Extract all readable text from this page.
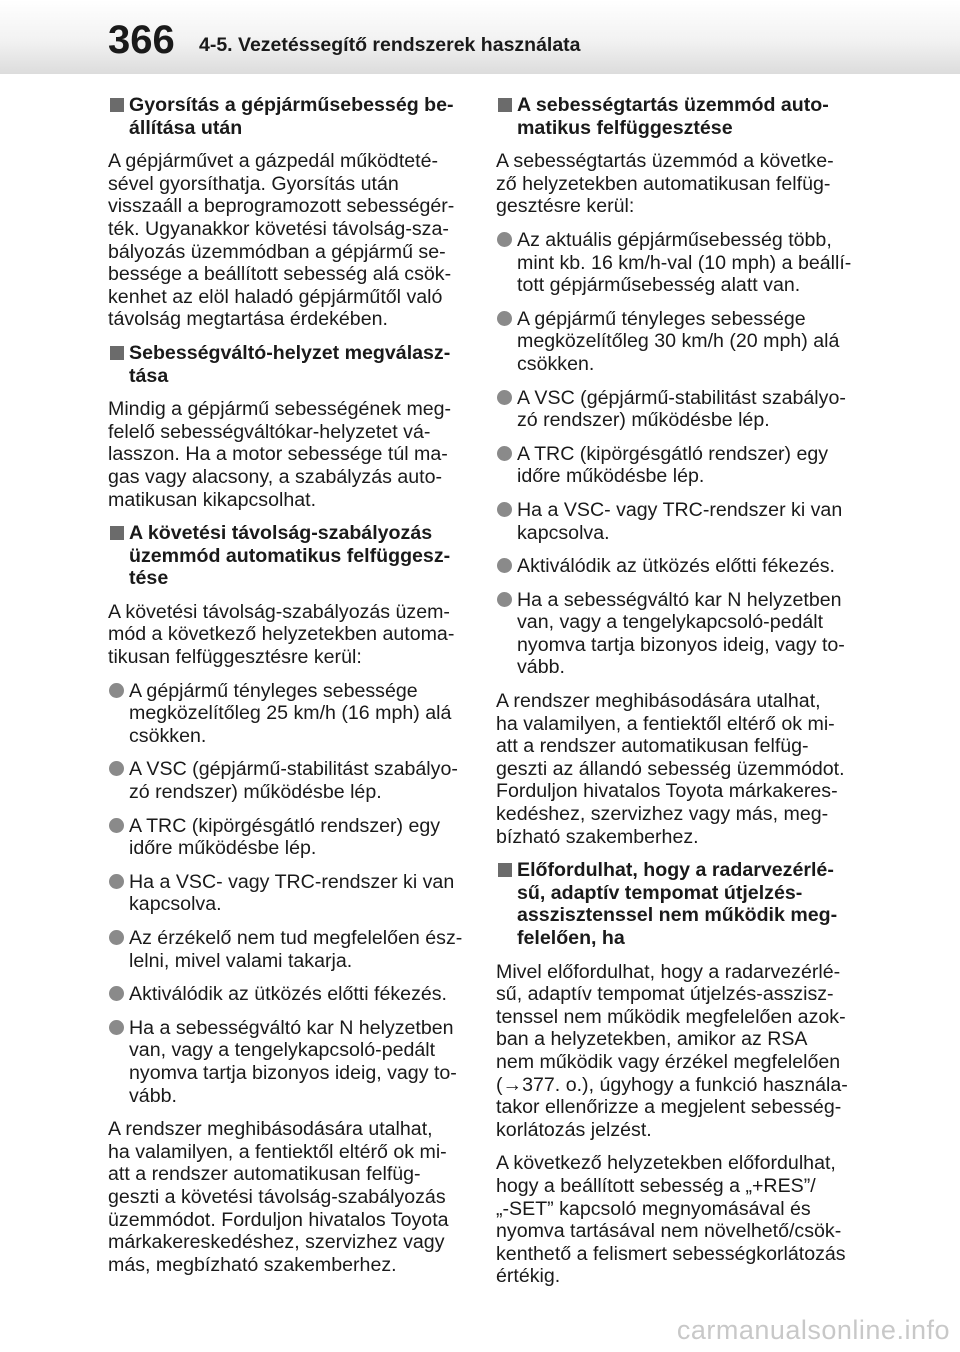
366 4-5. Vezetéssegítő rendszerek használata
Gyorsítás a gépjárműsebesség be-
állítása után
A gépjárművet a gázpedál működteté-
sével gyorsíthatja. Gyorsítás után
visszaáll a beprogramozott sebességér-
ték. Ugyanakkor követési távolság-sza-
bályozás üzemmódban a gépjármű se-
bessége a beállított sebesség alá csök-
kenhet az elöl haladó gépjárműtől való
távolság megtartása érdekében.
Sebességváltó-helyzet megválasz-
tása
Mindig a gépjármű sebességének meg-
felelő sebességváltókar-helyzetet vá-
lasszon. Ha a motor sebessége túl ma-
gas vagy alacsony, a szabályzás auto-
matikusan kikapcsolhat.
A követési távolság-szabályozás
üzemmód automatikus felfüggesz-
tése
A követési távolság-szabályozás üzem-
mód a következő helyzetekben automa-
tikusan felfüggesztésre kerül:
A gépjármű tényleges sebessége
megközelítőleg 25 km/h (16 mph) alá
csökken.
A VSC (gépjármű-stabilitást szabályo-
zó rendszer) működésbe lép.
A TRC (kipörgésgátló rendszer) egy
időre működésbe lép.
Ha a VSC- vagy TRC-rendszer ki van
kapcsolva.
Az érzékelő nem tud megfelelően ész-
lelni, mivel valami takarja.
Aktiválódik az ütközés előtti fékezés.
Ha a sebességváltó kar N helyzetben
van, vagy a tengelykapcsoló-pedált
nyomva tartja bizonyos ideig, vagy to-
vább.
A rendszer meghibásodására utalhat,
ha valamilyen, a fentiektől eltérő ok mi-
att a rendszer automatikusan felfüg-
geszti a követési távolság-szabályozás
üzemmódot. Forduljon hivatalos Toyota
márkakereskedéshez, szervizhez vagy
más, megbízható szakemberhez.
A sebességtartás üzemmód auto-
matikus felfüggesztése
A sebességtartás üzemmód a követke-
ző helyzetekben automatikusan felfüg-
gesztésre kerül:
Az aktuális gépjárműsebesség több,
mint kb. 16 km/h-val (10 mph) a beállí-
tott gépjárműsebesség alatt van.
A gépjármű tényleges sebessége
megközelítőleg 30 km/h (20 mph) alá
csökken.
A VSC (gépjármű-stabilitást szabályo-
zó rendszer) működésbe lép.
A TRC (kipörgésgátló rendszer) egy
időre működésbe lép.
Ha a VSC- vagy TRC-rendszer ki van
kapcsolva.
Aktiválódik az ütközés előtti fékezés.
Ha a sebességváltó kar N helyzetben
van, vagy a tengelykapcsoló-pedált
nyomva tartja bizonyos ideig, vagy to-
vább.
A rendszer meghibásodására utalhat,
ha valamilyen, a fentiektől eltérő ok mi-
att a rendszer automatikusan felfüg-
geszti az állandó sebesség üzemmódot.
Forduljon hivatalos Toyota márkakeres-
kedéshez, szervizhez vagy más, meg-
bízható szakemberhez.
Előfordulhat, hogy a radarvezérlé-
sű, adaptív tempomat útjelzés-
asszisztenssel nem működik meg-
felelően, ha
Mivel előfordulhat, hogy a radarvezérlé-
sű, adaptív tempomat útjelzés-asszisz-
tenssel nem működik megfelelően azok-
ban a helyzetekben, amikor az RSA
nem működik vagy érzékel megfelelően
(→377. o.), úgyhogy a funkció használa-
takor ellenőrizze a megjelent sebesség-
korlátozás jelzést.
A következő helyzetekben előfordulhat,
hogy a beállított sebesség a „+RES”/
„-SET” kapcsoló megnyomásával és
nyomva tartásával nem növelhető/csök-
kenthető a felismert sebességkorlátozás
értékig.
carmanualsonline.info
